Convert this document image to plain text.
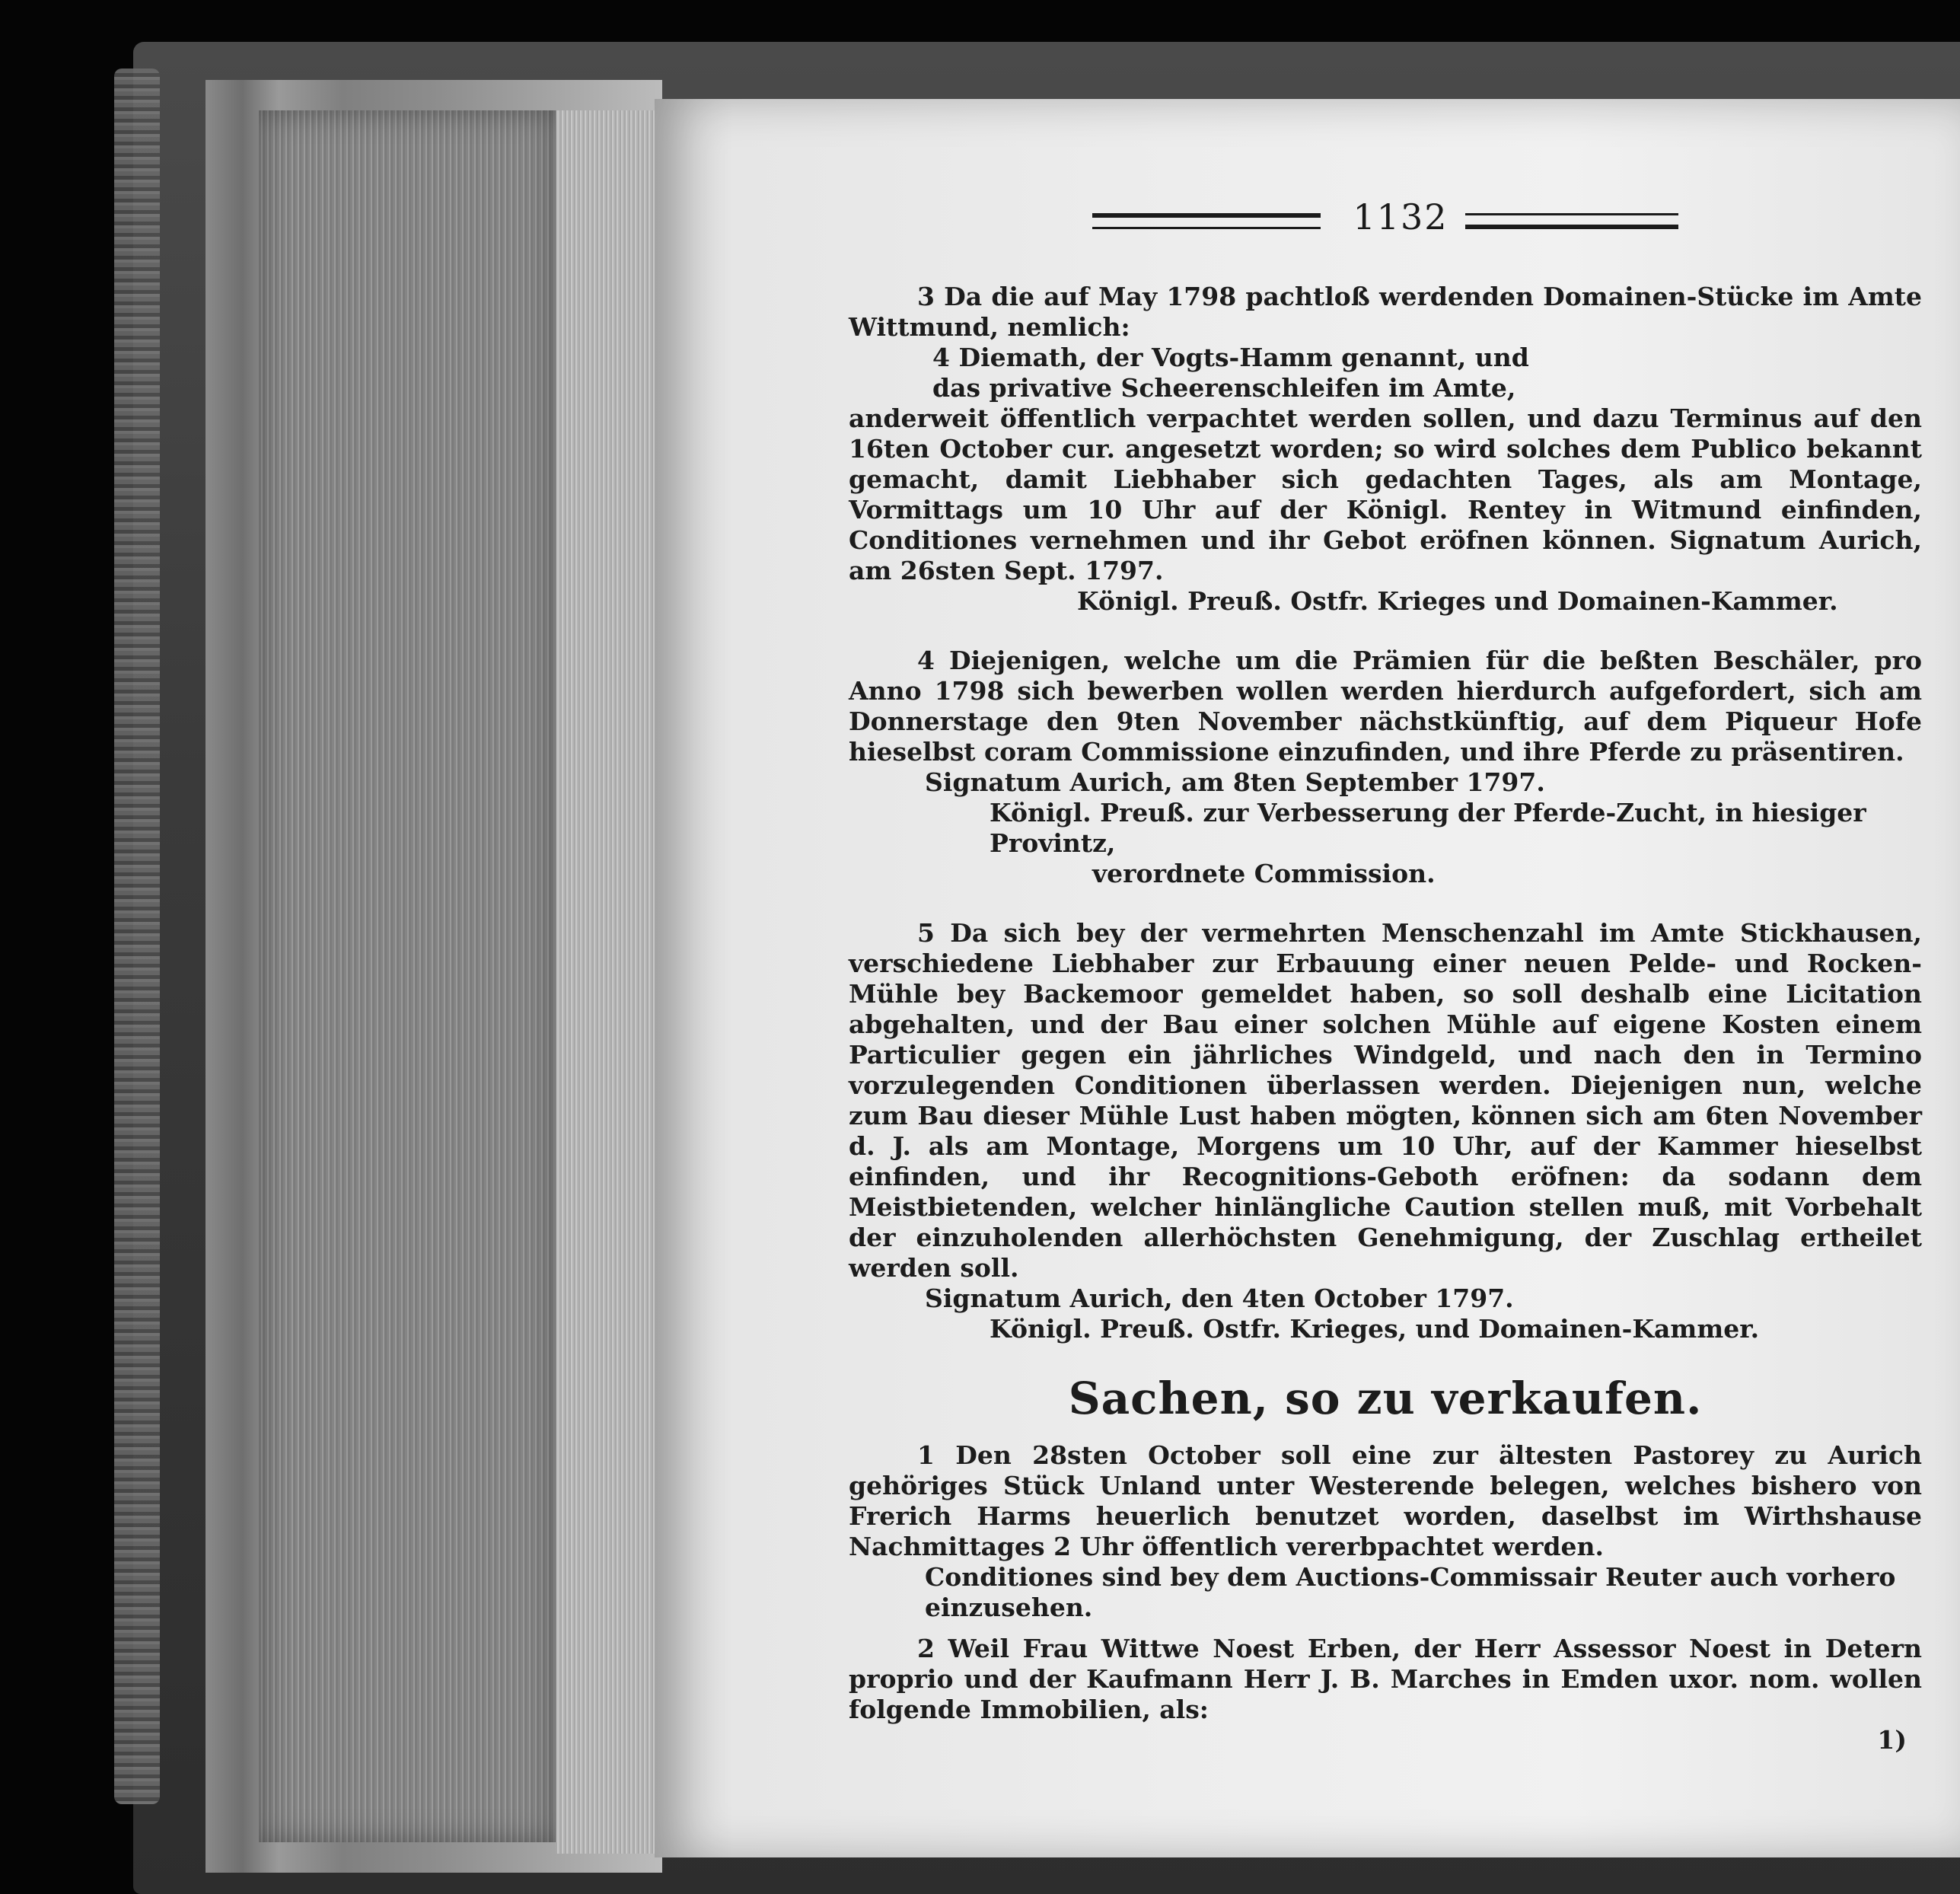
1132

3 Da die auf May 1798 pachtloß werdenden Domainen-Stücke im Amte Wittmund, nemlich:

4 Diemath, der Vogts-Hamm genannt, und

das privative Scheerenschleifen im Amte,

anderweit öffentlich verpachtet werden sollen, und dazu Terminus auf den 16ten October cur. angesetzt worden; so wird solches dem Publico bekannt gemacht, damit Liebhaber sich gedachten Tages, als am Montage, Vormittags um 10 Uhr auf der Königl. Rentey in Witmund einfinden, Conditiones vernehmen und ihr Gebot eröfnen können. Signatum Aurich, am 26sten Sept. 1797.

Königl. Preuß. Ostfr. Krieges und Domainen-Kammer.

4 Diejenigen, welche um die Prämien für die beßten Beschäler, pro Anno 1798 sich bewerben wollen werden hierdurch aufgefordert, sich am Donnerstage den 9ten November nächstkünftig, auf dem Piqueur Hofe hieselbst coram Commissione einzufinden, und ihre Pferde zu präsentiren.

Signatum Aurich, am 8ten September 1797.

Königl. Preuß. zur Verbesserung der Pferde-Zucht, in hiesiger Provintz,

verordnete Commission.

5 Da sich bey der vermehrten Menschenzahl im Amte Stickhausen, verschiedene Liebhaber zur Erbauung einer neuen Pelde- und Rocken-Mühle bey Backemoor gemeldet haben, so soll deshalb eine Licitation abgehalten, und der Bau einer solchen Mühle auf eigene Kosten einem Particulier gegen ein jährliches Windgeld, und nach den in Termino vorzulegenden Conditionen überlassen werden. Diejenigen nun, welche zum Bau dieser Mühle Lust haben mögten, können sich am 6ten November d. J. als am Montage, Morgens um 10 Uhr, auf der Kammer hieselbst einfinden, und ihr Recognitions-Geboth eröfnen: da sodann dem Meistbietenden, welcher hinlängliche Caution stellen muß, mit Vorbehalt der einzuholenden allerhöchsten Genehmigung, der Zuschlag ertheilet werden soll.

Signatum Aurich, den 4ten October 1797.

Königl. Preuß. Ostfr. Krieges, und Domainen-Kammer.

Sachen, so zu verkaufen.

1 Den 28sten October soll eine zur ältesten Pastorey zu Aurich gehöriges Stück Unland unter Westerende belegen, welches bishero von Frerich Harms heuerlich benutzet worden, daselbst im Wirthshause Nachmittages 2 Uhr öffentlich vererbpachtet werden.

Conditiones sind bey dem Auctions-Commissair Reuter auch vorhero einzusehen.

2 Weil Frau Wittwe Noest Erben, der Herr Assessor Noest in Detern proprio und der Kaufmann Herr J. B. Marches in Emden uxor. nom. wollen folgende Immobilien, als:

1)
